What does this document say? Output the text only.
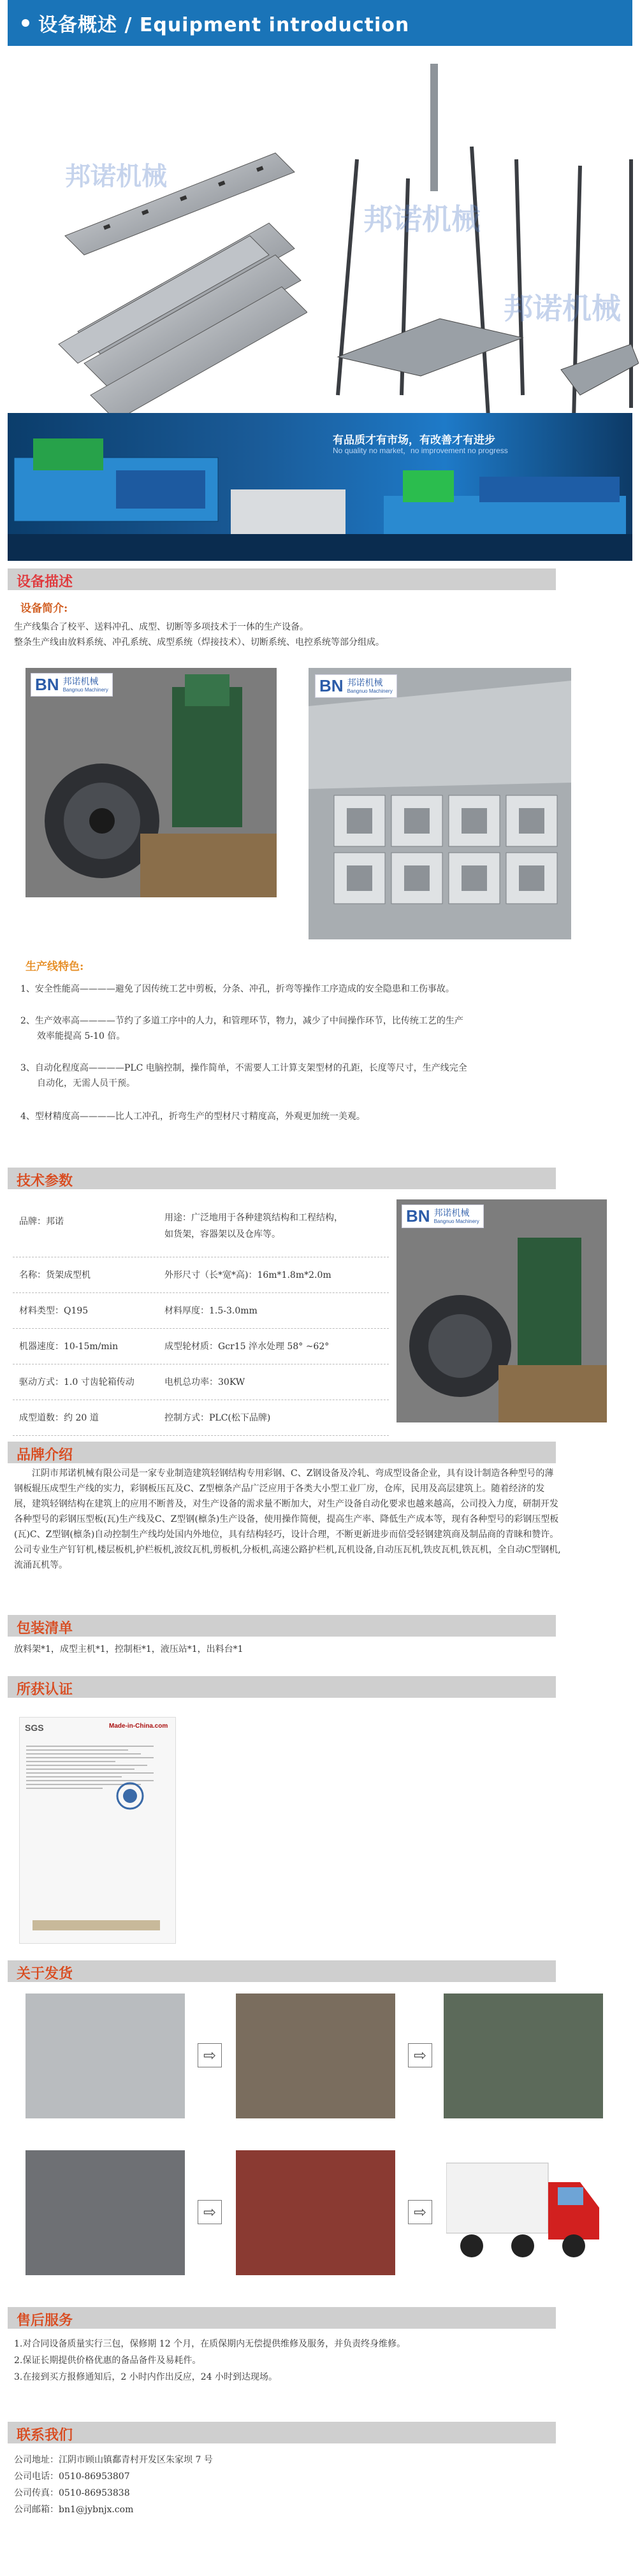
设备概述 / Equipment introduction
邦诺机械
邦诺机械
邦诺机械
有品质才有市场，有改善才有进步
No quality no market，no improvement no progress
设备描述
设备简介:
生产线集合了校平、送料冲孔、成型、切断等多项技术于一体的生产设备。
整条生产线由放料系统、冲孔系统、成型系统（焊接技术）、切断系统、电控系统等部分组成。
BN 邦诺机械
Bangnuo Machinery	BN 邦诺机械
Bangnuo Machinery
生产线特色:
1、安全性能高————避免了因传统工艺中剪板，分条、冲孔，折弯等操作工序造成的安全隐患和工伤事故。
2、生产效率高————节约了多道工序中的人力，和管理环节，物力，减少了中间操作环节，比传统工艺的生产
效率能提高 5-10 倍。
3、自动化程度高————PLC 电脑控制，操作简单，不需要人工计算支架型材的孔距，长度等尺寸，生产线完全
自动化，无需人员干预。
4、型材精度高————比人工冲孔，折弯生产的型材尺寸精度高，外观更加统一美观。
技术参数
品牌：邦诺	用途：广泛地用于各种建筑结构和工程结构，
如货架，容器架以及仓库等。
名称：货架成型机	外形尺寸（长*宽*高)：16m*1.8m*2.0m
材料类型：Q195	材料厚度：1.5-3.0mm
机器速度：10-15m/min	成型轮材质：Gcr15 淬水处理 58° ~62°
驱动方式：1.0 寸齿轮箱传动	电机总功率：30KW
成型道数：约 20 道	控制方式：PLC(松下品牌)
BN 邦诺机械
Bangnuo Machinery
品牌介绍
江阴市邦诺机械有限公司是一家专业制造建筑轻钢结构专用彩钢、C、Z钢设备及冷轧、弯成型设备企业，具有设计制造各种型号的薄钢板辊压成型生产线的实力，彩钢板压瓦及C、Z型檩条产品广泛应用于各类大小型工业厂房，仓库，民用及高层建筑上。随着经济的发展，建筑轻钢结构在建筑上的应用不断普及，对生产设备的需求量不断加大，对生产设备自动化要求也越来越高，公司投入力度，研制开发各种型号的彩钢压型板(瓦)生产线及C、Z型钢(檩条)生产设备，使用操作简便，提高生产率、降低生产成本等，现有各种型号的彩钢压型板(瓦)C、Z型钢(檩条)自动控制生产线均处国内外地位，具有结构轻巧，设计合理，不断更新进步而倍受轻钢建筑商及制品商的青睐和赞许。公司专业生产钉钉机,楼层板机,护栏板机,波纹瓦机,剪板机,分板机,高速公路护栏机,瓦机设备,自动压瓦机,铁皮瓦机,铁瓦机，全自动C型钢机,流涌瓦机等。
包装清单
放料架*1，成型主机*1，控制柜*1，液压站*1，出料台*1
所获认证
SGS	Made-in-China.com
关于发货
⇨	⇨
⇨	⇨
售后服务
1.对合同设备质量实行三包，保修期 12 个月，在质保期内无偿提供维修及服务，并负责终身维修。
2.保证长期提供价格优惠的备品备件及易耗件。
3.在接到买方报修通知后，2 小时内作出反应，24 小时到达现场。
联系我们
公司地址：江阴市顾山镇鄱青村开发区朱家坝 7 号
公司电话：0510-86953807
公司传真：0510-86953838
公司邮箱：bn1@jybnjx.com
